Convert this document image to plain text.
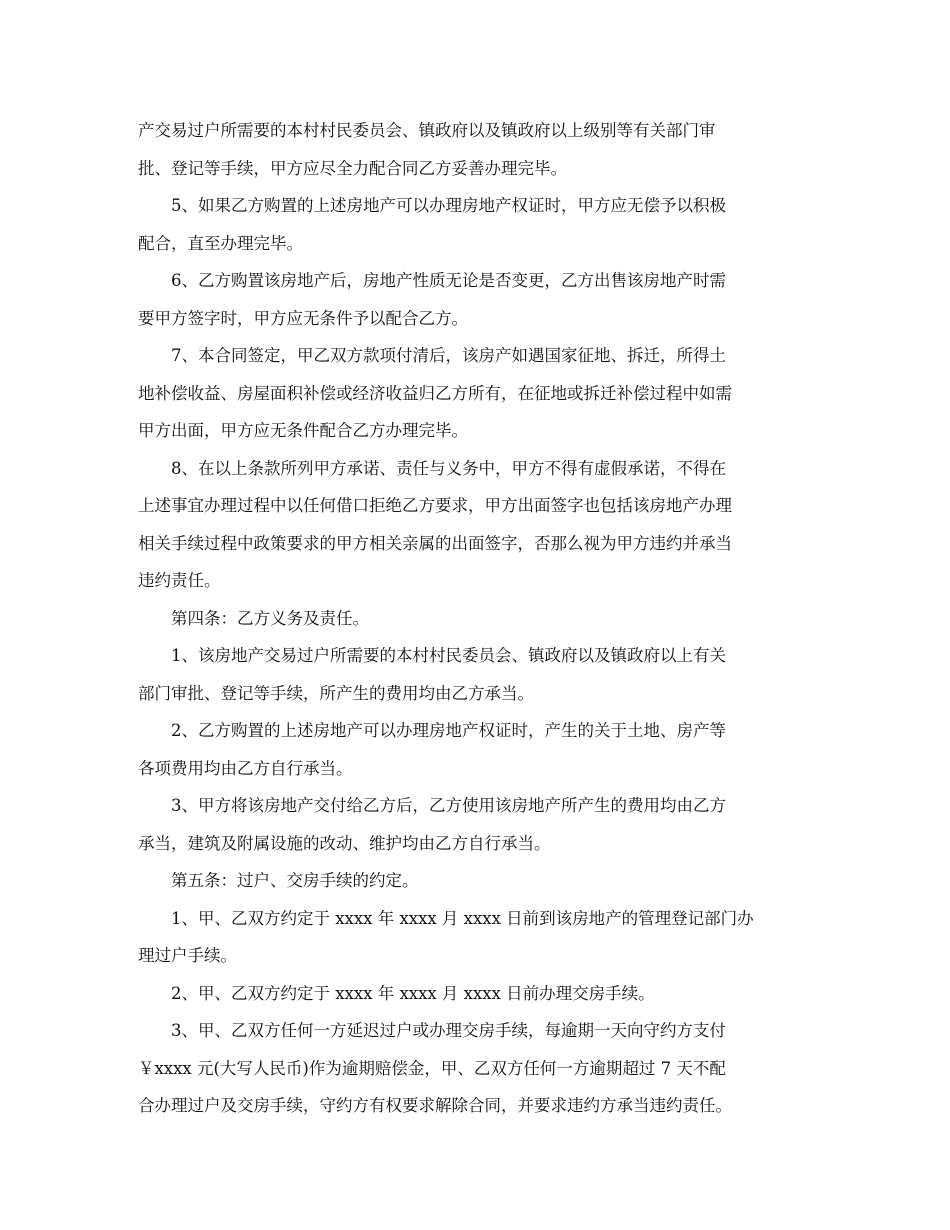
产交易过户所需要的本村村民委员会、镇政府以及镇政府以上级别等有关部门审
批、登记等手续，甲方应尽全力配合同乙方妥善办理完毕。

5、如果乙方购置的上述房地产可以办理房地产权证时，甲方应无偿予以积极
配合，直至办理完毕。

6、乙方购置该房地产后，房地产性质无论是否变更，乙方出售该房地产时需
要甲方签字时，甲方应无条件予以配合乙方。

7、本合同签定，甲乙双方款项付清后，该房产如遇国家征地、拆迁，所得土
地补偿收益、房屋面积补偿或经济收益归乙方所有，在征地或拆迁补偿过程中如需
甲方出面，甲方应无条件配合乙方办理完毕。

8、在以上条款所列甲方承诺、责任与义务中，甲方不得有虚假承诺，不得在
上述事宜办理过程中以任何借口拒绝乙方要求，甲方出面签字也包括该房地产办理
相关手续过程中政策要求的甲方相关亲属的出面签字，否那么视为甲方违约并承当
违约责任。

第四条：乙方义务及责任。

1、该房地产交易过户所需要的本村村民委员会、镇政府以及镇政府以上有关
部门审批、登记等手续，所产生的费用均由乙方承当。

2、乙方购置的上述房地产可以办理房地产权证时，产生的关于土地、房产等
各项费用均由乙方自行承当。

3、甲方将该房地产交付给乙方后，乙方使用该房地产所产生的费用均由乙方
承当，建筑及附属设施的改动、维护均由乙方自行承当。

第五条：过户、交房手续的约定。

1、甲、乙双方约定于 xxxx 年 xxxx 月 xxxx 日前到该房地产的管理登记部门办
理过户手续。

2、甲、乙双方约定于 xxxx 年 xxxx 月 xxxx 日前办理交房手续。

3、甲、乙双方任何一方延迟过户或办理交房手续，每逾期一天向守约方支付
￥xxxx 元(大写人民币)作为逾期赔偿金，甲、乙双方任何一方逾期超过 7 天不配
合办理过户及交房手续，守约方有权要求解除合同，并要求违约方承当违约责任。
